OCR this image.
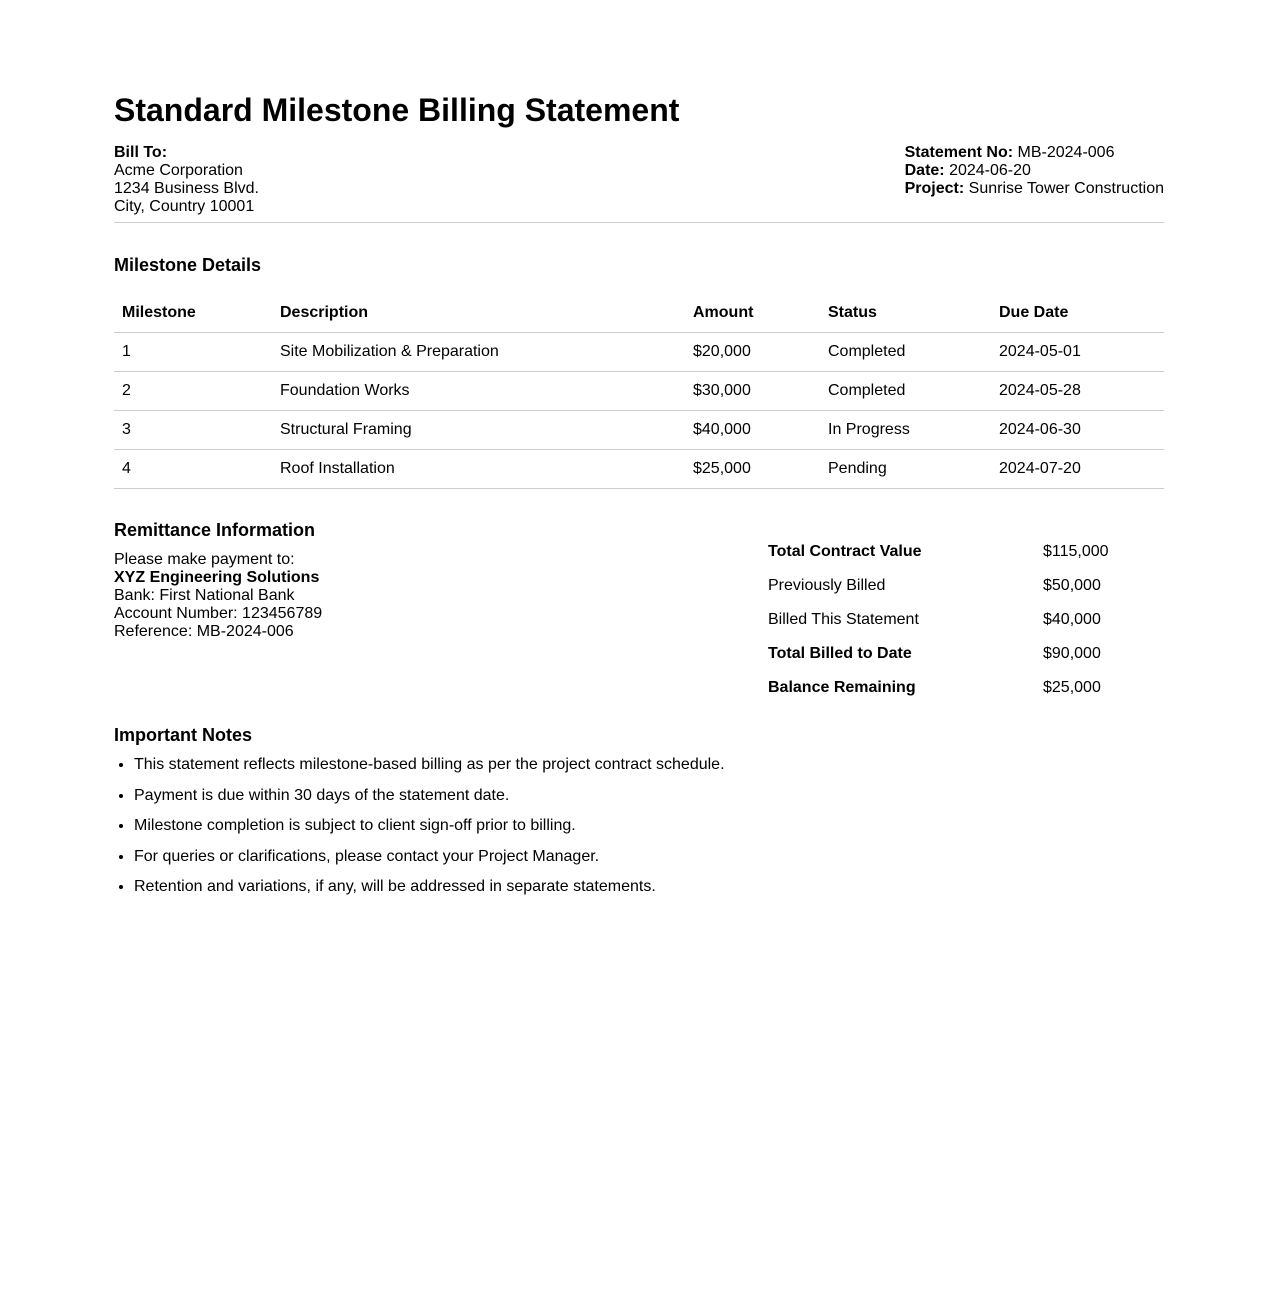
Standard Milestone Billing Statement
Bill To:
Acme Corporation
1234 Business Blvd.
City, Country 10001
Statement No: MB-2024-006
Date: 2024-06-20
Project: Sunrise Tower Construction
Milestone Details
Milestone	Description	Amount	Status	Due Date
1	Site Mobilization & Preparation	$20,000	Completed	2024-05-01
2	Foundation Works	$30,000	Completed	2024-05-28
3	Structural Framing	$40,000	In Progress	2024-06-30
4	Roof Installation	$25,000	Pending	2024-07-20
Remittance Information
Please make payment to:
XYZ Engineering Solutions
Bank: First National Bank
Account Number: 123456789
Reference: MB-2024-006
Total Contract Value	$115,000
Previously Billed	$50,000
Billed This Statement	$40,000
Total Billed to Date	$90,000
Balance Remaining	$25,000
Important Notes
• This statement reflects milestone-based billing as per the project contract schedule.
• Payment is due within 30 days of the statement date.
• Milestone completion is subject to client sign-off prior to billing.
• For queries or clarifications, please contact your Project Manager.
• Retention and variations, if any, will be addressed in separate statements.
